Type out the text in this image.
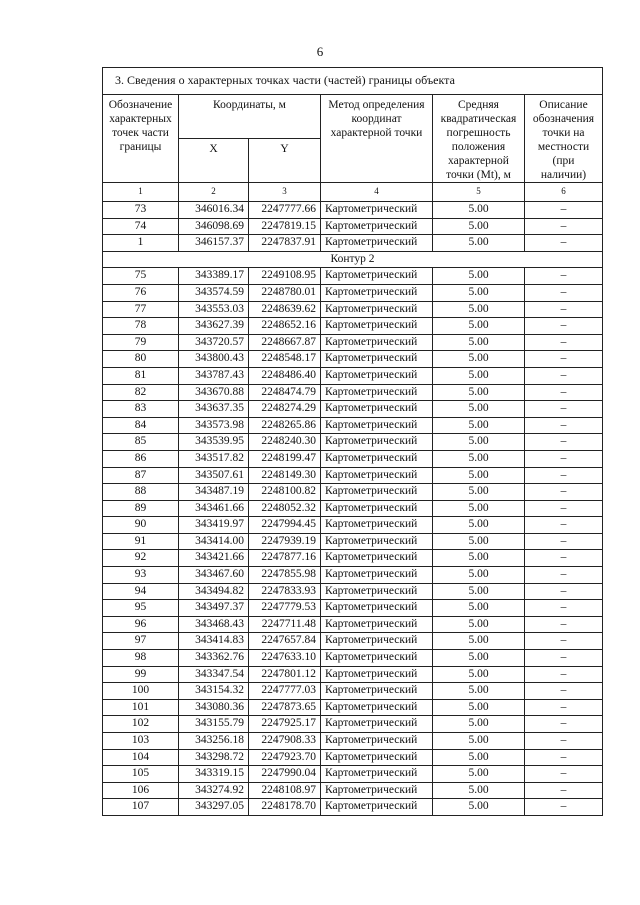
6
3. Сведения о характерных точках части (частей) границы объекта					
Обозначение характерных точек части границы	Координаты, м		Метод определения координат характерной точки	Средняя квадратическая погрешность положения характерной точки (Mt), м	Описание обозначения точки на местности (при наличии)
	X	Y			
1	2	3	4	5	6
73	346016.34	2247777.66	Картометрический	5.00	–
74	346098.69	2247819.15	Картометрический	5.00	–
1	346157.37	2247837.91	Картометрический	5.00	–
Контур 2					
75	343389.17	2249108.95	Картометрический	5.00	–
76	343574.59	2248780.01	Картометрический	5.00	–
77	343553.03	2248639.62	Картометрический	5.00	–
78	343627.39	2248652.16	Картометрический	5.00	–
79	343720.57	2248667.87	Картометрический	5.00	–
80	343800.43	2248548.17	Картометрический	5.00	–
81	343787.43	2248486.40	Картометрический	5.00	–
82	343670.88	2248474.79	Картометрический	5.00	–
83	343637.35	2248274.29	Картометрический	5.00	–
84	343573.98	2248265.86	Картометрический	5.00	–
85	343539.95	2248240.30	Картометрический	5.00	–
86	343517.82	2248199.47	Картометрический	5.00	–
87	343507.61	2248149.30	Картометрический	5.00	–
88	343487.19	2248100.82	Картометрический	5.00	–
89	343461.66	2248052.32	Картометрический	5.00	–
90	343419.97	2247994.45	Картометрический	5.00	–
91	343414.00	2247939.19	Картометрический	5.00	–
92	343421.66	2247877.16	Картометрический	5.00	–
93	343467.60	2247855.98	Картометрический	5.00	–
94	343494.82	2247833.93	Картометрический	5.00	–
95	343497.37	2247779.53	Картометрический	5.00	–
96	343468.43	2247711.48	Картометрический	5.00	–
97	343414.83	2247657.84	Картометрический	5.00	–
98	343362.76	2247633.10	Картометрический	5.00	–
99	343347.54	2247801.12	Картометрический	5.00	–
100	343154.32	2247777.03	Картометрический	5.00	–
101	343080.36	2247873.65	Картометрический	5.00	–
102	343155.79	2247925.17	Картометрический	5.00	–
103	343256.18	2247908.33	Картометрический	5.00	–
104	343298.72	2247923.70	Картометрический	5.00	–
105	343319.15	2247990.04	Картометрический	5.00	–
106	343274.92	2248108.97	Картометрический	5.00	–
107	343297.05	2248178.70	Картометрический	5.00	–
